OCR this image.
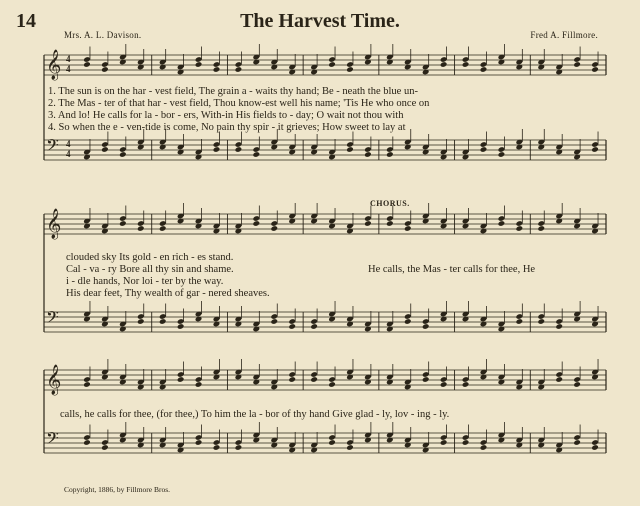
14	The Harvest Time.
Mrs. A. L. Davison.	Fred A. Fillmore.
𝄞
𝄢
𝄞
𝄢
𝄞
𝄢
4
4
4
4
1. The sun is on the har - vest field, The grain a - waits thy hand; Be - neath the blue un-
2. The Mas - ter of that har - vest field, Thou know-est well his name; 'Tis He who once on
3. And lo! He calls for la - bor - ers, With-in His fields to - day; O wait not thou with
4. So when the e - ven-tide is come, No pain thy spir - it grieves; How sweet to lay at
CHORUS.
clouded sky Its gold - en rich - es stand.
Cal - va - ry Bore all thy sin and shame.
i - dle hands, Nor loi - ter by the way.
His dear feet, Thy wealth of gar - nered sheaves.
He calls, the Mas - ter calls for thee, He
calls, he calls for thee, (for thee,) To him the la - bor of thy hand Give glad - ly, lov - ing - ly.
Copyright, 1886, by Fillmore Bros.
